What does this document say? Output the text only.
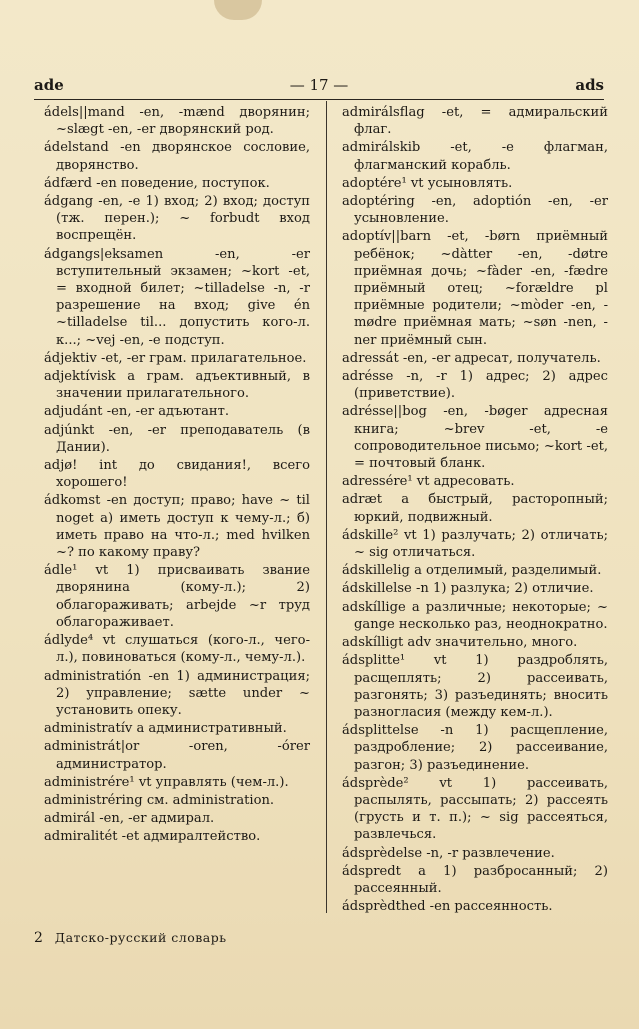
ade	— 17 —	ads
ádels||mand -en, -mænd дворянин; ~slægt -en, -er дворянский род.
ádelstand -en дворянское сословие, дворянство.
ádfærd -en поведение, поступок.
ádgang -en, -e 1) вход; 2) вход; доступ (тж. перен.); ~ forbudt вход воспрещён.
ádgangs|eksamen -en, -er вступительный экзамен; ~kort -et, = входной билет; ~tilladelse -n, -r разрешение на вход; give én ~tilladelse til... допустить кого-л. к...; ~vej -en, -e подступ.
ádjektiv -et, -er грам. прилагательное.
adjektívisk a грам. адъективный, в значении прилагательного.
adjudánt -en, -er адъютант.
adjúnkt -en, -er преподаватель (в Дании).
adjø! int до свидания!, всего хорошего!
ádkomst -en доступ; право; have ~ til noget a) иметь доступ к чему-л.; б) иметь право на что-л.; med hvilken ~? по какому праву?
ádle¹ vt 1) присваивать звание дворянина (кому-л.); 2) облагораживать; arbejde ~r труд облагораживает.
ádlyde⁴ vt слушаться (кого-л., чего-л.), повиноваться (кому-л., чему-л.).
administratión -en 1) администрация; 2) управление; sætte under ~ установить опеку.
administratív a административный.
administrát|or -oren, -órer администратор.
administrére¹ vt управлять (чем-л.).
administréring см. administration.
admirál -en, -er адмирал.
admiralitét -et адмиралтейство.
admirálsflag -et, = адмиральский флаг.
admirálskib -et, -e флагман, флагманский корабль.
adoptére¹ vt усыновлять.
adoptéring -en, adoptión -en, -er усыновление.
adoptív||barn -et, -børn приёмный ребёнок; ~dàtter -en, -døtre приёмная дочь; ~fàder -en, -fædre приёмный отец; ~forældre pl приёмные родители; ~mòder -en, -mødre приёмная мать; ~søn -nen, -ner приёмный сын.
adressát -en, -er адресат, получатель.
adrésse -n, -r 1) адрес; 2) адрес (приветствие).
adrésse||bog -en, -bøger адресная книга; ~brev -et, -e сопроводительное письмо; ~kort -et, = почтовый бланк.
adressére¹ vt адресовать.
adræt a быстрый, расторопный; юркий, подвижный.
ádskille² vt 1) разлучать; 2) отличать; ~ sig отличаться.
ádskillelig a отделимый, разделимый.
ádskillelse -n 1) разлука; 2) отличие.
adskíllige a различные; некоторые; ~ gange несколько раз, неоднократно.
adskílligt adv значительно, много.
ádsplitte¹ vt 1) раздроблять, расщеплять; 2) рассеивать, разгонять; 3) разъединять; вносить разногласия (между кем-л.).
ádsplittelse -n 1) расщепление, раздробление; 2) рассеивание, разгон; 3) разъединение.
ádsprède² vt 1) рассеивать, распылять, рассыпать; 2) рассеять (грусть и т. п.); ~ sig рассеяться, развлечься.
ádsprèdelse -n, -r развлечение.
ádspredt a 1) разбросанный; 2) рассеянный.
ádsprèdthed -en рассеянность.
2 Датско-русский словарь
